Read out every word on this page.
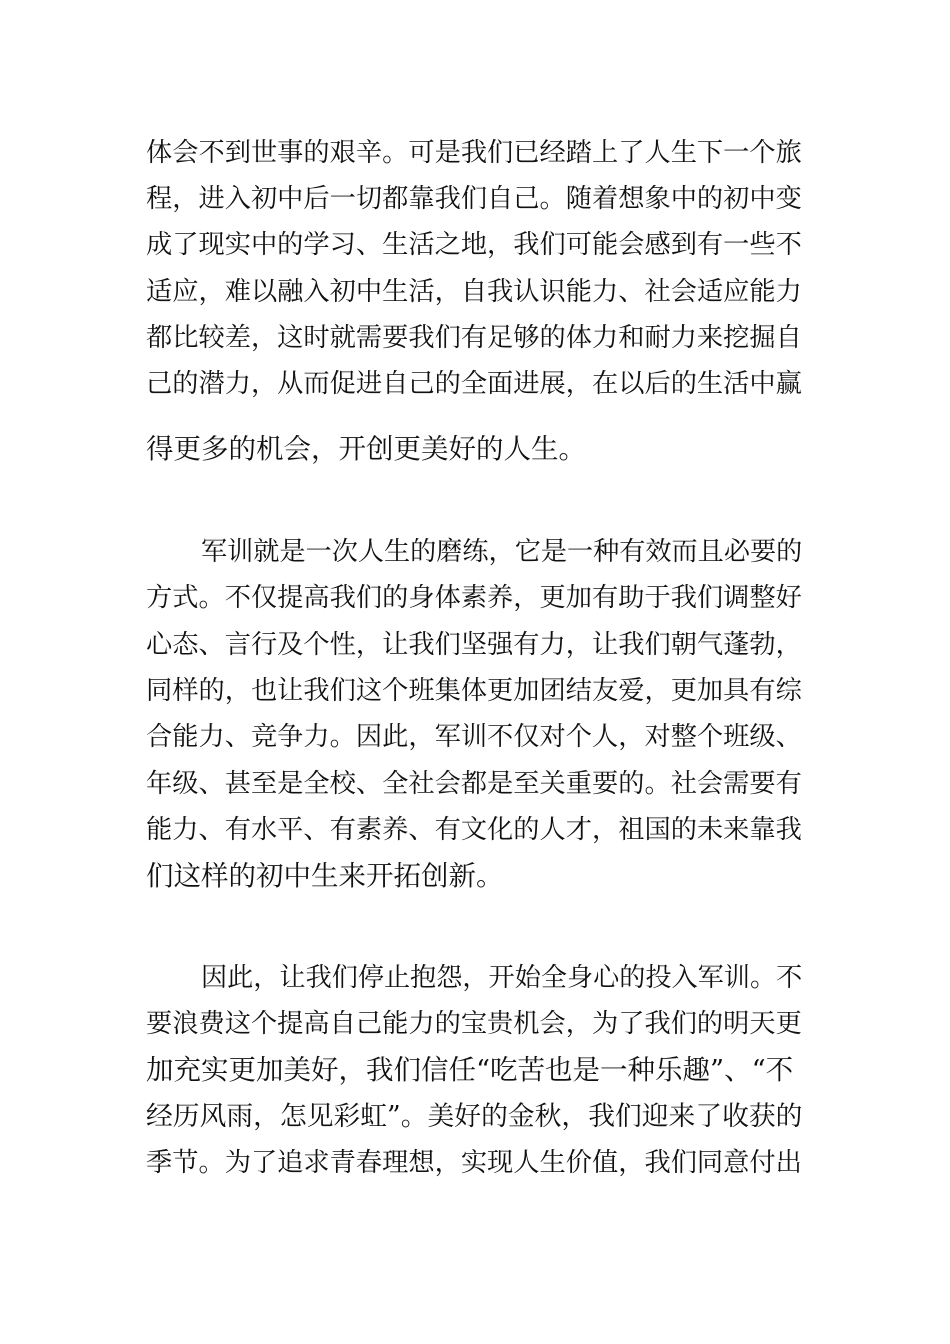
体会不到世事的艰辛。可是我们已经踏上了人生下一个旅
程，进入初中后一切都靠我们自己。随着想象中的初中变
成了现实中的学习、生活之地，我们可能会感到有一些不
适应，难以融入初中生活，自我认识能力、社会适应能力
都比较差，这时就需要我们有足够的体力和耐力来挖掘自
己的潜力，从而促进自己的全面进展，在以后的生活中赢
得更多的机会，开创更美好的人生。
军训就是一次人生的磨练，它是一种有效而且必要的
方式。不仅提高我们的身体素养，更加有助于我们调整好
心态、言行及个性，让我们坚强有力，让我们朝气蓬勃，
同样的，也让我们这个班集体更加团结友爱，更加具有综
合能力、竞争力。因此，军训不仅对个人，对整个班级、
年级、甚至是全校、全社会都是至关重要的。社会需要有
能力、有水平、有素养、有文化的人才，祖国的未来靠我
们这样的初中生来开拓创新。
因此，让我们停止抱怨，开始全身心的投入军训。不
要浪费这个提高自己能力的宝贵机会，为了我们的明天更
加充实更加美好，我们信任“吃苦也是一种乐趣”、“不
经历风雨，怎见彩虹”。美好的金秋，我们迎来了收获的
季节。为了追求青春理想，实现人生价值，我们同意付出
